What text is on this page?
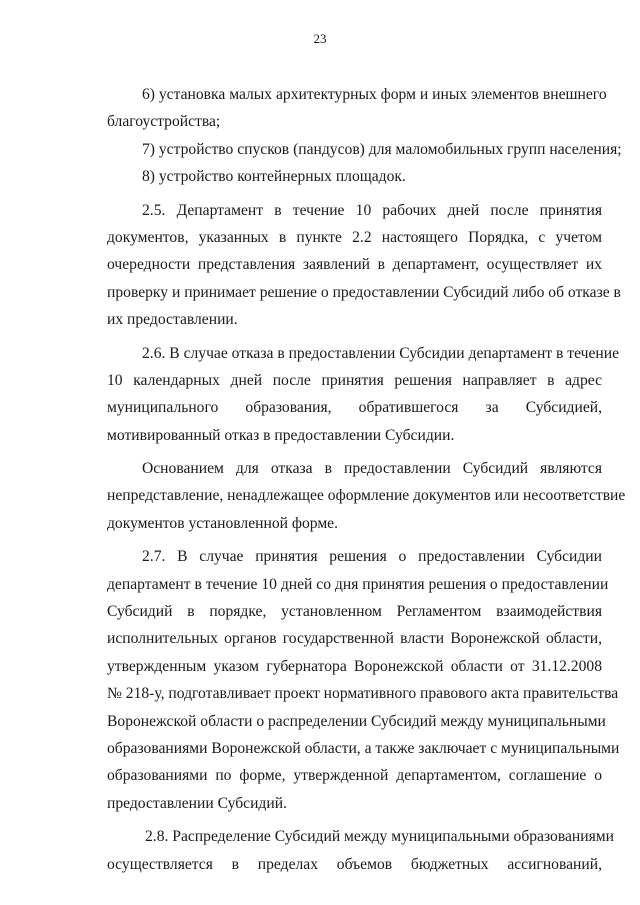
23
6) установка малых архитектурных форм и иных элементов внешнего
благоустройства;
7) устройство спусков (пандусов) для маломобильных групп населения;
8) устройство контейнерных площадок.
2.5. Департамент в течение 10 рабочих дней после принятия
документов, указанных в пункте 2.2 настоящего Порядка, с учетом
очередности представления заявлений в департамент, осуществляет их
проверку и принимает решение о предоставлении Субсидий либо об отказе в
их предоставлении.
2.6. В случае отказа в предоставлении Субсидии департамент в течение
10 календарных дней после принятия решения направляет в адрес
муниципального образования, обратившегося за Субсидией,
мотивированный отказ в предоставлении Субсидии.
Основанием для отказа в предоставлении Субсидий являются
непредставление, ненадлежащее оформление документов или несоответствие
документов установленной форме.
2.7. В случае принятия решения о предоставлении Субсидии
департамент в течение 10 дней со дня принятия решения о предоставлении
Субсидий в порядке, установленном Регламентом взаимодействия
исполнительных органов государственной власти Воронежской области,
утвержденным указом губернатора Воронежской области от 31.12.2008
№ 218-у, подготавливает проект нормативного правового акта правительства
Воронежской области о распределении Субсидий между муниципальными
образованиями Воронежской области, а также заключает с муниципальными
образованиями по форме, утвержденной департаментом, соглашение о
предоставлении Субсидий.
2.8. Распределение Субсидий между муниципальными образованиями
осуществляется в пределах объемов бюджетных ассигнований,
